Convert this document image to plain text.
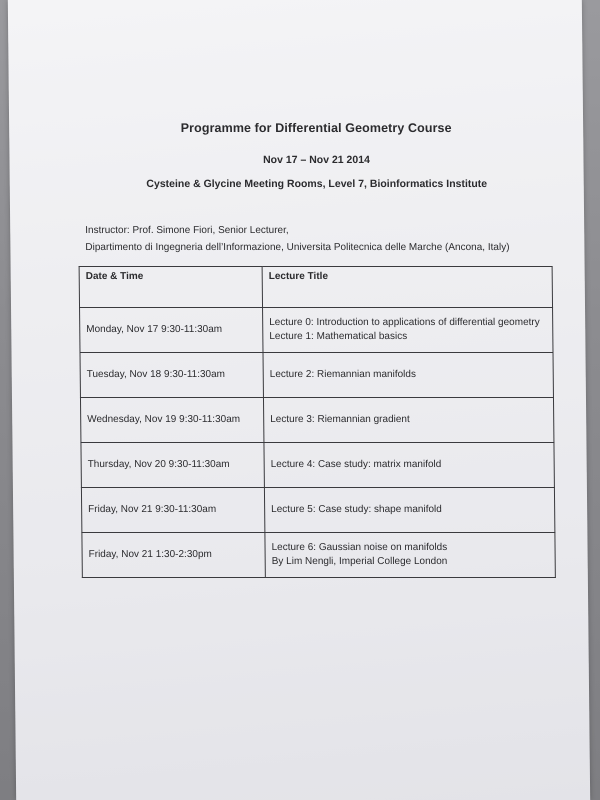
Programme for Differential Geometry Course
Nov 17 – Nov 21 2014
Cysteine & Glycine Meeting Rooms, Level 7, Bioinformatics Institute
Instructor: Prof. Simone Fiori, Senior Lecturer,
Dipartimento di Ingegneria dell’Informazione, Universita Politecnica delle Marche (Ancona, Italy)
Date & Time	Lecture Title
Monday, Nov 17 9:30-11:30am	Lecture 0: Introduction to applications of differential geometry
Lecture 1: Mathematical basics

Tuesday, Nov 18 9:30-11:30am	Lecture 2: Riemannian manifolds

Wednesday, Nov 19 9:30-11:30am	Lecture 3: Riemannian gradient

Thursday, Nov 20 9:30-11:30am	Lecture 4: Case study: matrix manifold

Friday, Nov 21 9:30-11:30am	Lecture 5: Case study: shape manifold

Friday, Nov 21 1:30-2:30pm	Lecture 6: Gaussian noise on manifolds
By Lim Nengli, Imperial College London
